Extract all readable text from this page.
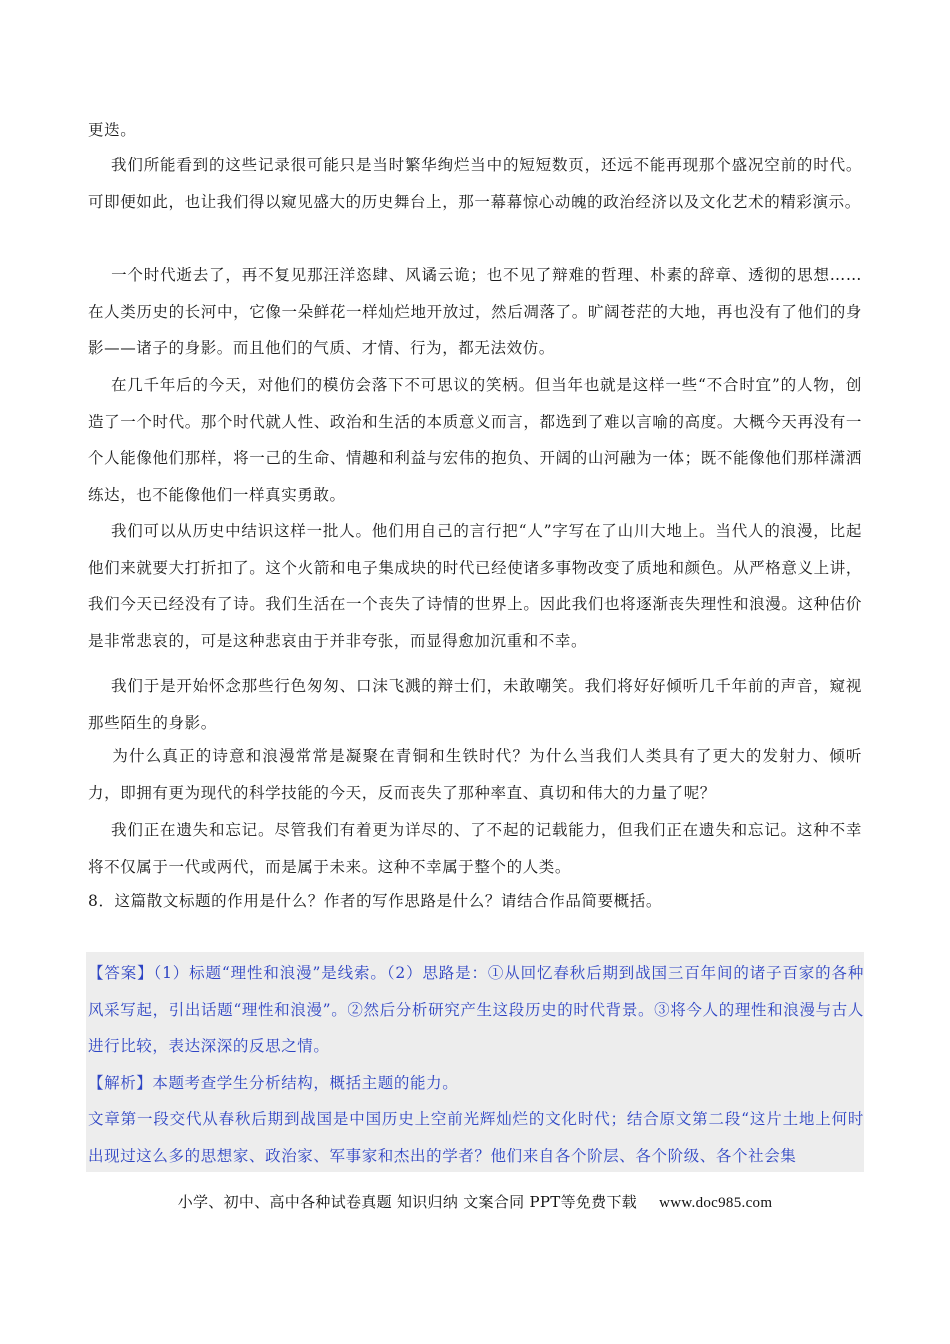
更迭。

我们所能看到的这些记录很可能只是当时繁华绚烂当中的短短数页，还远不能再现那个盛况空前的时代。可即便如此，也让我们得以窥见盛大的历史舞台上，那一幕幕惊心动魄的政治经济以及文化艺术的精彩演示。

一个时代逝去了，再不复见那汪洋恣肆、风谲云诡；也不见了辩难的哲理、朴素的辞章、透彻的思想……在人类历史的长河中，它像一朵鲜花一样灿烂地开放过，然后凋落了。旷阔苍茫的大地，再也没有了他们的身影——诸子的身影。而且他们的气质、才情、行为，都无法效仿。

在几千年后的今天，对他们的模仿会落下不可思议的笑柄。但当年也就是这样一些“不合时宜”的人物，创造了一个时代。那个时代就人性、政治和生活的本质意义而言，都选到了难以言喻的高度。大概今天再没有一个人能像他们那样，将一己的生命、情趣和利益与宏伟的抱负、开阔的山河融为一体；既不能像他们那样潇洒练达，也不能像他们一样真实勇敢。

我们可以从历史中结识这样一批人。他们用自己的言行把“人”字写在了山川大地上。当代人的浪漫，比起他们来就要大打折扣了。这个火箭和电子集成块的时代已经使诸多事物改变了质地和颜色。从严格意义上讲，我们今天已经没有了诗。我们生活在一个丧失了诗情的世界上。因此我们也将逐渐丧失理性和浪漫。这种估价是非常悲哀的，可是这种悲哀由于并非夸张，而显得愈加沉重和不幸。

我们于是开始怀念那些行色匆匆、口沫飞溅的辩士们，未敢嘲笑。我们将好好倾听几千年前的声音，窥视那些陌生的身影。

为什么真正的诗意和浪漫常常是凝聚在青铜和生铁时代？为什么当我们人类具有了更大的发射力、倾听力，即拥有更为现代的科学技能的今天，反而丧失了那种率直、真切和伟大的力量了呢？

我们正在遗失和忘记。尽管我们有着更为详尽的、了不起的记载能力，但我们正在遗失和忘记。这种不幸将不仅属于一代或两代，而是属于未来。这种不幸属于整个的人类。

8．这篇散文标题的作用是什么？作者的写作思路是什么？请结合作品简要概括。

【答案】（1）标题“理性和浪漫”是线索。（2）思路是：①从回忆春秋后期到战国三百年间的诸子百家的各种风采写起，引出话题“理性和浪漫”。②然后分析研究产生这段历史的时代背景。③将今人的理性和浪漫与古人进行比较，表达深深的反思之情。

【解析】本题考查学生分析结构，概括主题的能力。

文章第一段交代从春秋后期到战国是中国历史上空前光辉灿烂的文化时代；结合原文第二段“这片土地上何时出现过这么多的思想家、政治家、军事家和杰出的学者？他们来自各个阶层、各个阶级、各个社会集

小学、初中、高中各种试卷真题 知识归纳 文案合同 PPT等免费下载 www.doc985.com
